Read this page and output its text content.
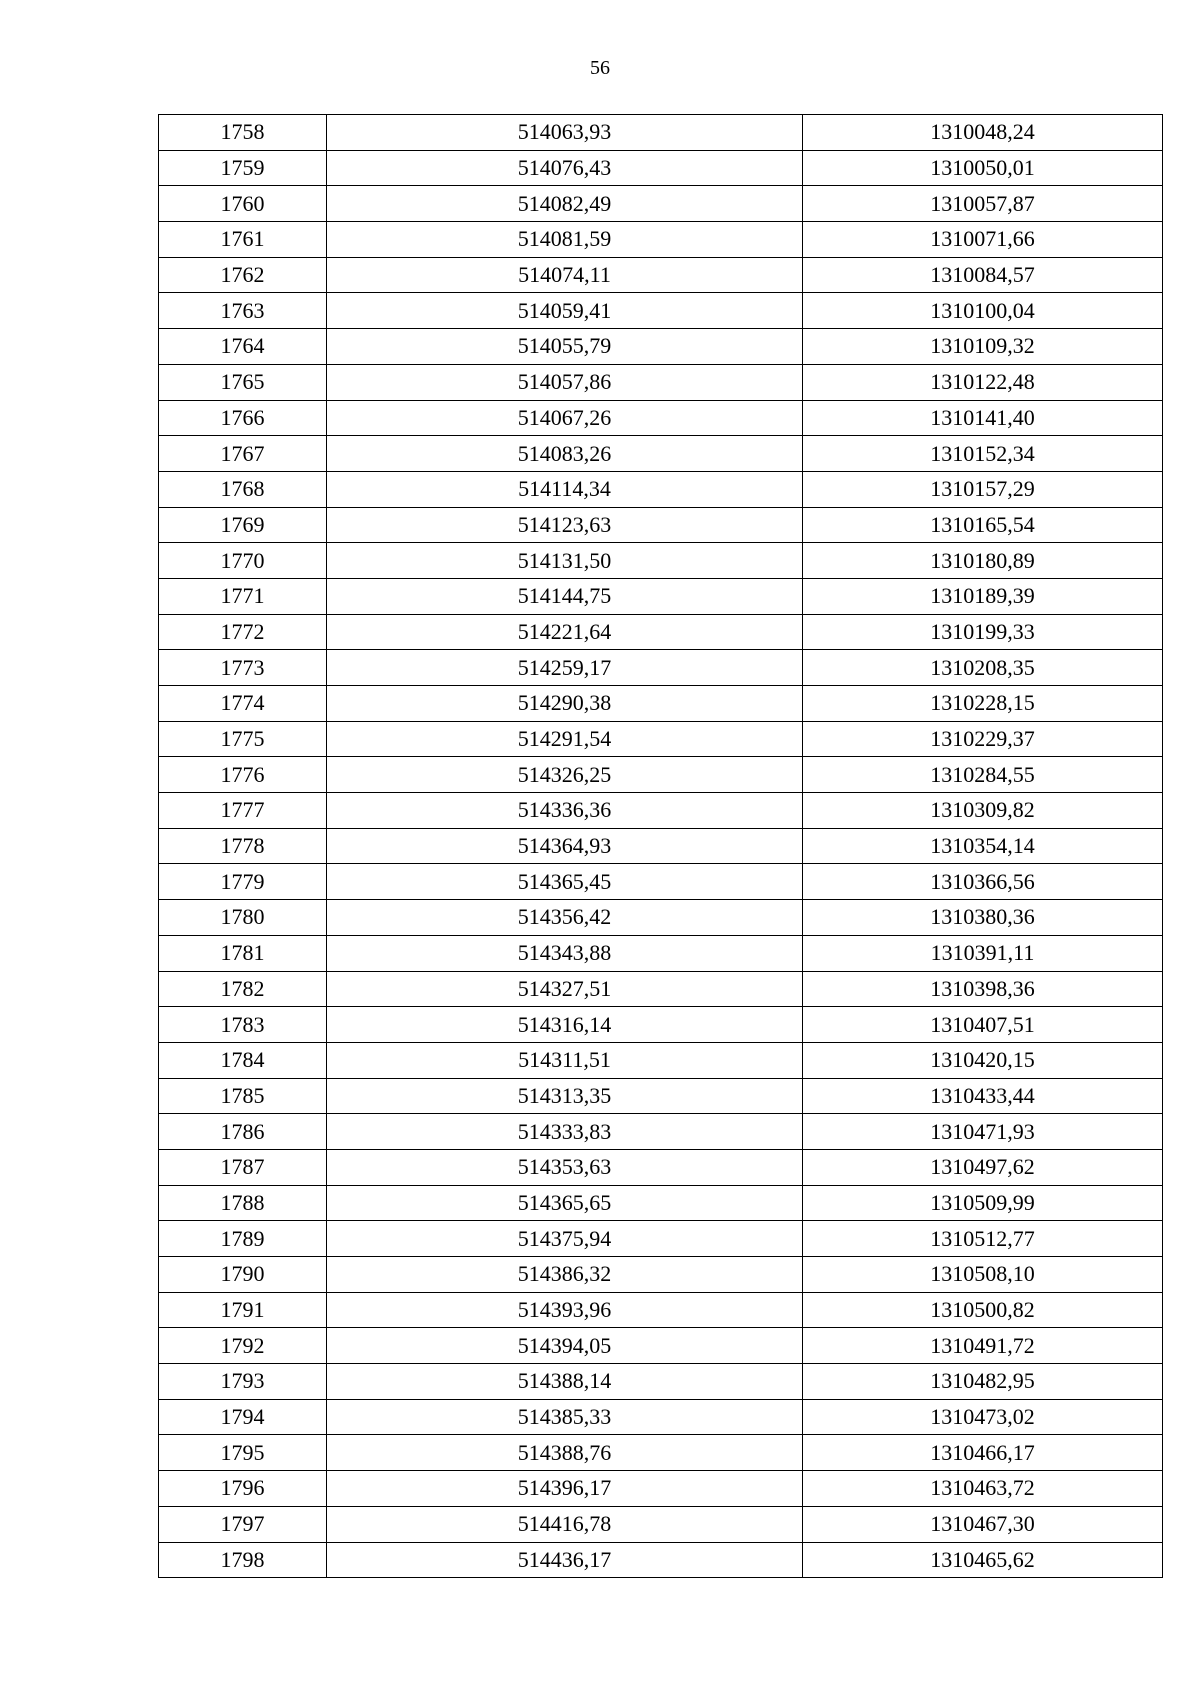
56
1758	514063,93	1310048,24
1759	514076,43	1310050,01
1760	514082,49	1310057,87
1761	514081,59	1310071,66
1762	514074,11	1310084,57
1763	514059,41	1310100,04
1764	514055,79	1310109,32
1765	514057,86	1310122,48
1766	514067,26	1310141,40
1767	514083,26	1310152,34
1768	514114,34	1310157,29
1769	514123,63	1310165,54
1770	514131,50	1310180,89
1771	514144,75	1310189,39
1772	514221,64	1310199,33
1773	514259,17	1310208,35
1774	514290,38	1310228,15
1775	514291,54	1310229,37
1776	514326,25	1310284,55
1777	514336,36	1310309,82
1778	514364,93	1310354,14
1779	514365,45	1310366,56
1780	514356,42	1310380,36
1781	514343,88	1310391,11
1782	514327,51	1310398,36
1783	514316,14	1310407,51
1784	514311,51	1310420,15
1785	514313,35	1310433,44
1786	514333,83	1310471,93
1787	514353,63	1310497,62
1788	514365,65	1310509,99
1789	514375,94	1310512,77
1790	514386,32	1310508,10
1791	514393,96	1310500,82
1792	514394,05	1310491,72
1793	514388,14	1310482,95
1794	514385,33	1310473,02
1795	514388,76	1310466,17
1796	514396,17	1310463,72
1797	514416,78	1310467,30
1798	514436,17	1310465,62
